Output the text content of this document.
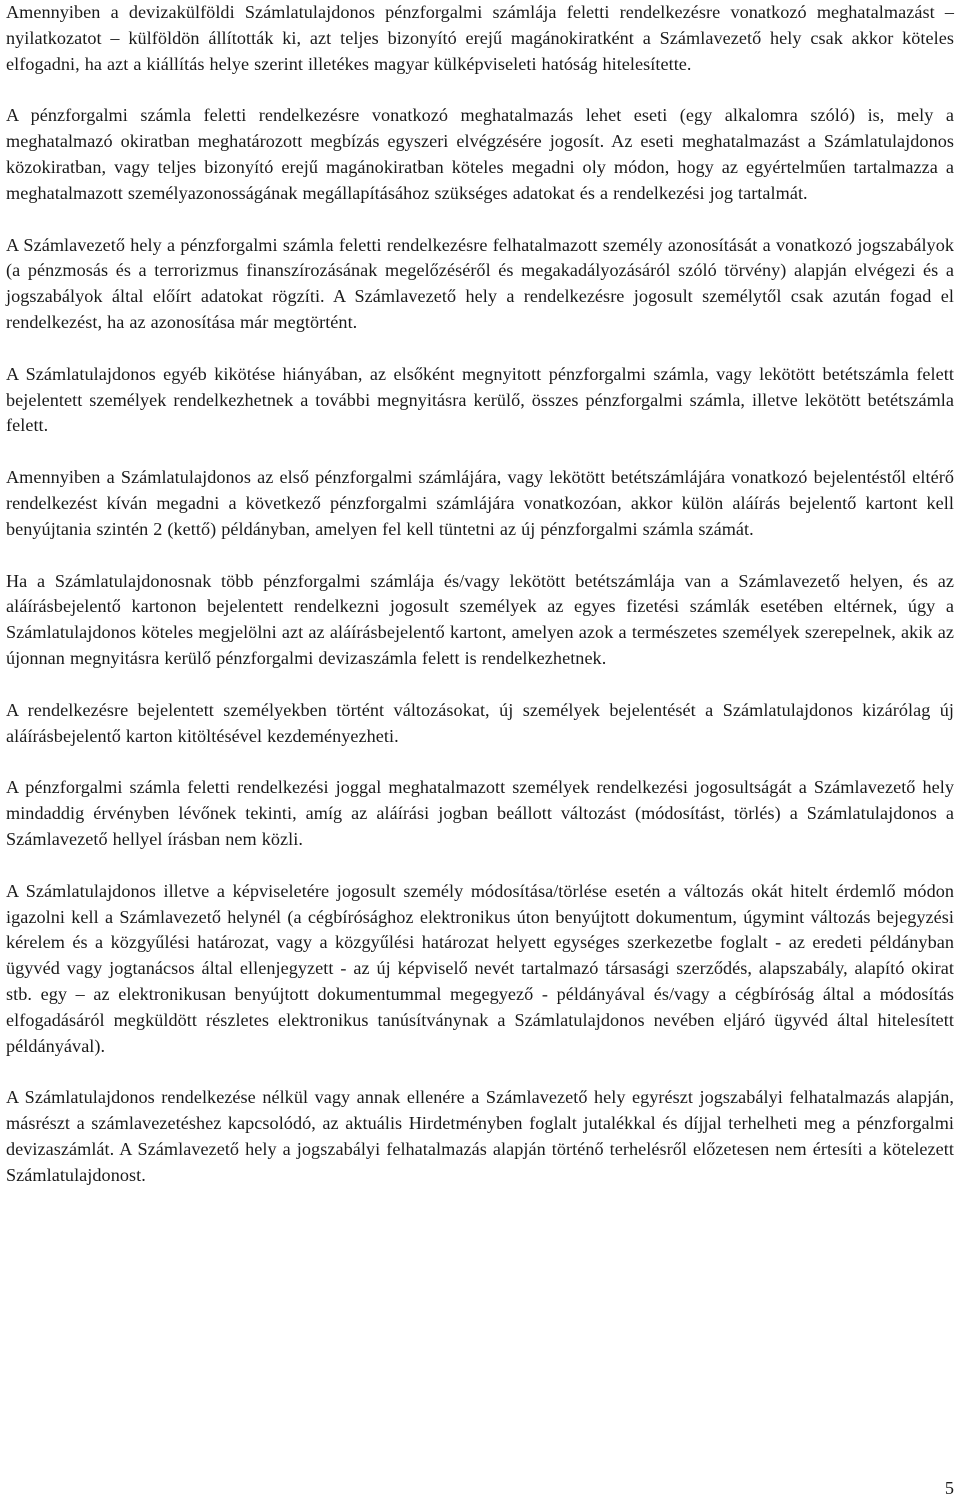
Amennyiben a devizakülföldi Számlatulajdonos pénzforgalmi számlája feletti rendelkezésre vonatkozó meghatalmazást – nyilatkozatot – külföldön állították ki, azt teljes bizonyító erejű magánokiratként a Számlavezető hely csak akkor köteles elfogadni, ha azt a kiállítás helye szerint illetékes magyar külképviseleti hatóság hitelesítette.

A pénzforgalmi számla feletti rendelkezésre vonatkozó meghatalmazás lehet eseti (egy alkalomra szóló) is, mely a meghatalmazó okiratban meghatározott megbízás egyszeri elvégzésére jogosít. Az eseti meghatalmazást a Számlatulajdonos közokiratban, vagy teljes bizonyító erejű magánokiratban köteles megadni oly módon, hogy az egyértelműen tartalmazza a meghatalmazott személyazonosságának megállapításához szükséges adatokat és a rendelkezési jog tartalmát.

A Számlavezető hely a pénzforgalmi számla feletti rendelkezésre felhatalmazott személy azonosítását a vonatkozó jogszabályok (a pénzmosás és a terrorizmus finanszírozásának megelőzéséről és megakadályozásáról szóló törvény) alapján elvégezi és a jogszabályok által előírt adatokat rögzíti. A Számlavezető hely a rendelkezésre jogosult személytől csak azután fogad el rendelkezést, ha az azonosítása már megtörtént.

A Számlatulajdonos egyéb kikötése hiányában, az elsőként megnyitott pénzforgalmi számla, vagy lekötött betétszámla felett bejelentett személyek rendelkezhetnek a további megnyitásra kerülő, összes pénzforgalmi számla, illetve lekötött betétszámla felett.

Amennyiben a Számlatulajdonos az első pénzforgalmi számlájára, vagy lekötött betétszámlájára vonatkozó bejelentéstől eltérő rendelkezést kíván megadni a következő pénzforgalmi számlájára vonatkozóan, akkor külön aláírás bejelentő kartont kell benyújtania szintén 2 (kettő) példányban, amelyen fel kell tüntetni az új pénzforgalmi számla számát.

Ha a Számlatulajdonosnak több pénzforgalmi számlája és/vagy lekötött betétszámlája van a Számlavezető helyen, és az aláírásbejelentő kartonon bejelentett rendelkezni jogosult személyek az egyes fizetési számlák esetében eltérnek, úgy a Számlatulajdonos köteles megjelölni azt az aláírásbejelentő kartont, amelyen azok a természetes személyek szerepelnek, akik az újonnan megnyitásra kerülő pénzforgalmi devizaszámla felett is rendelkezhetnek.

A rendelkezésre bejelentett személyekben történt változásokat, új személyek bejelentését a Számlatulajdonos kizárólag új aláírásbejelentő karton kitöltésével kezdeményezheti.

A pénzforgalmi számla feletti rendelkezési joggal meghatalmazott személyek rendelkezési jogosultságát a Számlavezető hely mindaddig érvényben lévőnek tekinti, amíg az aláírási jogban beállott változást (módosítást, törlés) a Számlatulajdonos a Számlavezető hellyel írásban nem közli.

A Számlatulajdonos illetve a képviseletére jogosult személy módosítása/törlése esetén a változás okát hitelt érdemlő módon igazolni kell a Számlavezető helynél (a cégbírósághoz elektronikus úton benyújtott dokumentum, úgymint változás bejegyzési kérelem és a közgyűlési határozat, vagy a közgyűlési határozat helyett egységes szerkezetbe foglalt - az eredeti példányban ügyvéd vagy jogtanácsos által ellenjegyzett - az új képviselő nevét tartalmazó társasági szerződés, alapszabály, alapító okirat stb. egy – az elektronikusan benyújtott dokumentummal megegyező - példányával és/vagy a cégbíróság által a módosítás elfogadásáról megküldött részletes elektronikus tanúsítványnak a Számlatulajdonos nevében eljáró ügyvéd által hitelesített példányával).

A Számlatulajdonos rendelkezése nélkül vagy annak ellenére a Számlavezető hely egyrészt jogszabályi felhatalmazás alapján, másrészt a számlavezetéshez kapcsolódó, az aktuális Hirdetményben foglalt jutalékkal és díjjal terhelheti meg a pénzforgalmi devizaszámlát. A Számlavezető hely a jogszabályi felhatalmazás alapján történő terhelésről előzetesen nem értesíti a kötelezett Számlatulajdonost.

5
